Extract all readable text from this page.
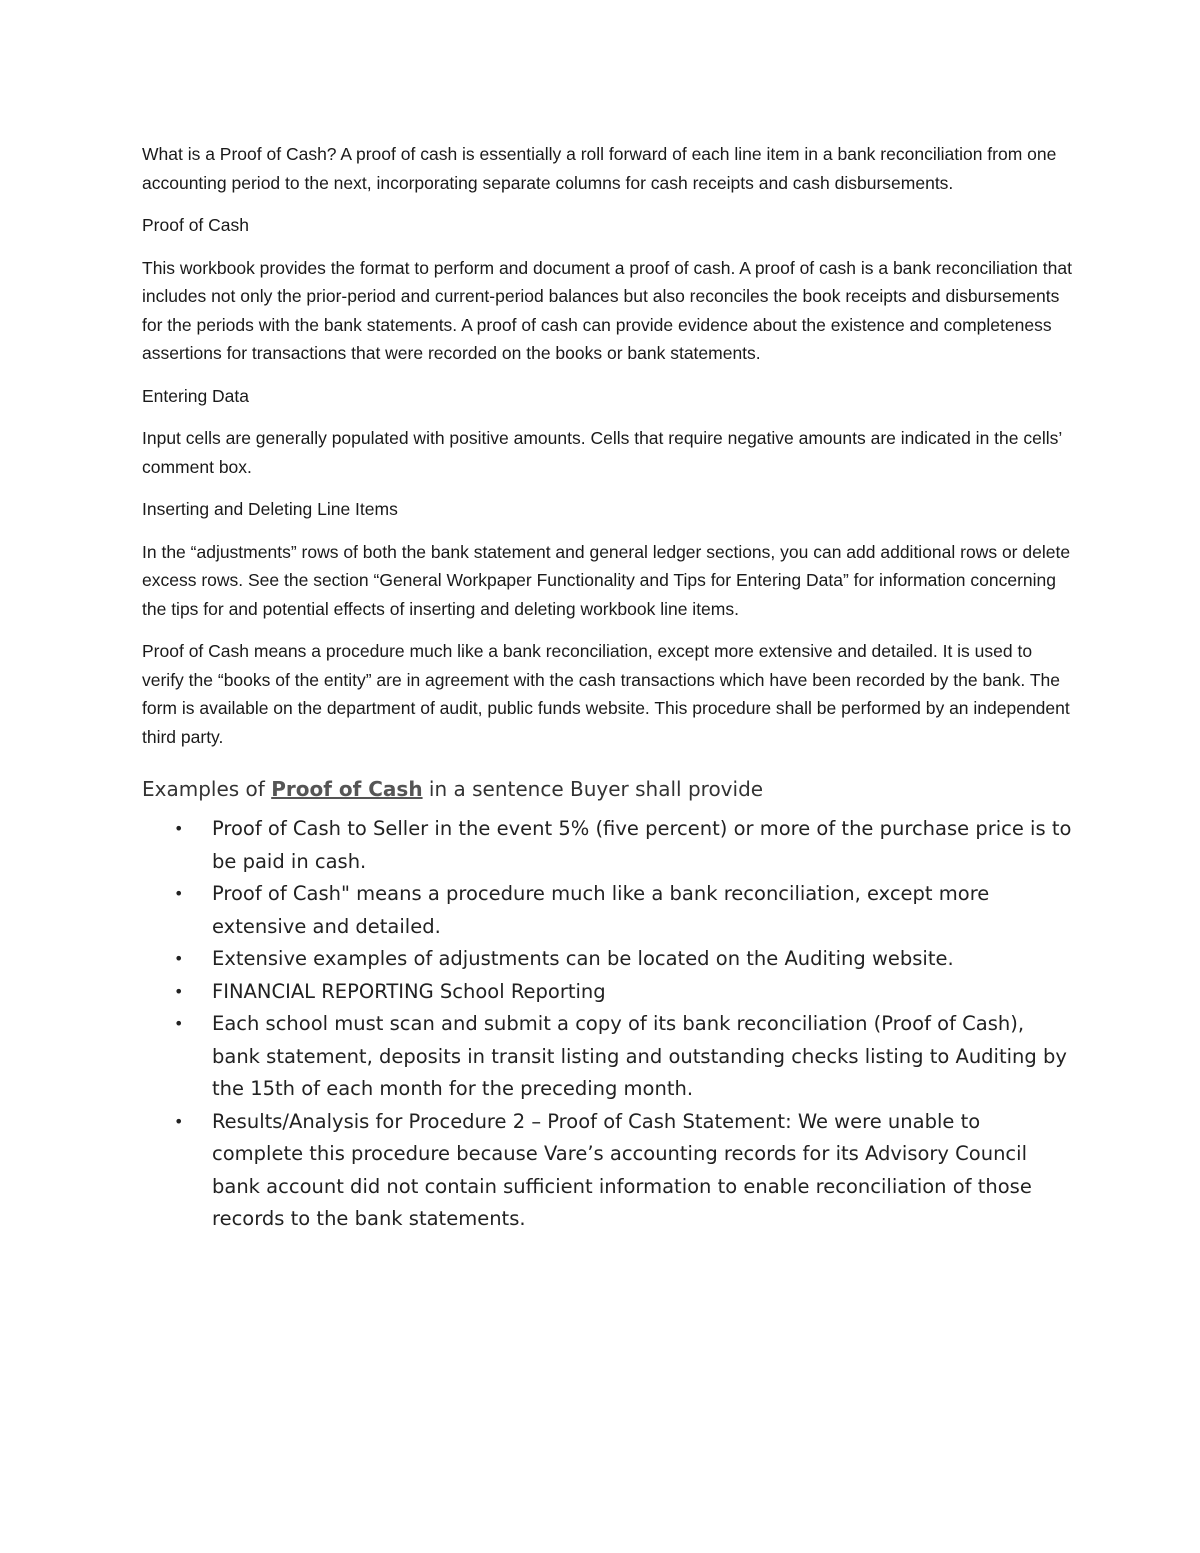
What is a Proof of Cash? A proof of cash is essentially a roll forward of each line item in a bank reconciliation from one accounting period to the next, incorporating separate columns for cash receipts and cash disbursements.

Proof of Cash

This workbook provides the format to perform and document a proof of cash. A proof of cash is a bank reconciliation that includes not only the prior-period and current-period balances but also reconciles the book receipts and disbursements for the periods with the bank statements. A proof of cash can provide evidence about the existence and completeness assertions for transactions that were recorded on the books or bank statements.

Entering Data

Input cells are generally populated with positive amounts. Cells that require negative amounts are indicated in the cells’ comment box.

Inserting and Deleting Line Items

In the “adjustments” rows of both the bank statement and general ledger sections, you can add additional rows or delete excess rows. See the section “General Workpaper Functionality and Tips for Entering Data” for information concerning the tips for and potential effects of inserting and deleting workbook line items.

Proof of Cash means a procedure much like a bank reconciliation, except more extensive and detailed. It is used to verify the “books of the entity” are in agreement with the cash transactions which have been recorded by the bank. The form is available on the department of audit, public funds website. This procedure shall be performed by an independent third party.

Examples of Proof of Cash in a sentence Buyer shall provide
• Proof of Cash to Seller in the event 5% (five percent) or more of the purchase price is to be paid in cash.
• Proof of Cash" means a procedure much like a bank reconciliation, except more extensive and detailed.
• Extensive examples of adjustments can be located on the Auditing website.
• FINANCIAL REPORTING School Reporting
• Each school must scan and submit a copy of its bank reconciliation (Proof of Cash), bank statement, deposits in transit listing and outstanding checks listing to Auditing by the 15th of each month for the preceding month.
• Results/Analysis for Procedure 2 – Proof of Cash Statement: We were unable to complete this procedure because Vare’s accounting records for its Advisory Council bank account did not contain sufficient information to enable reconciliation of those records to the bank statements.
